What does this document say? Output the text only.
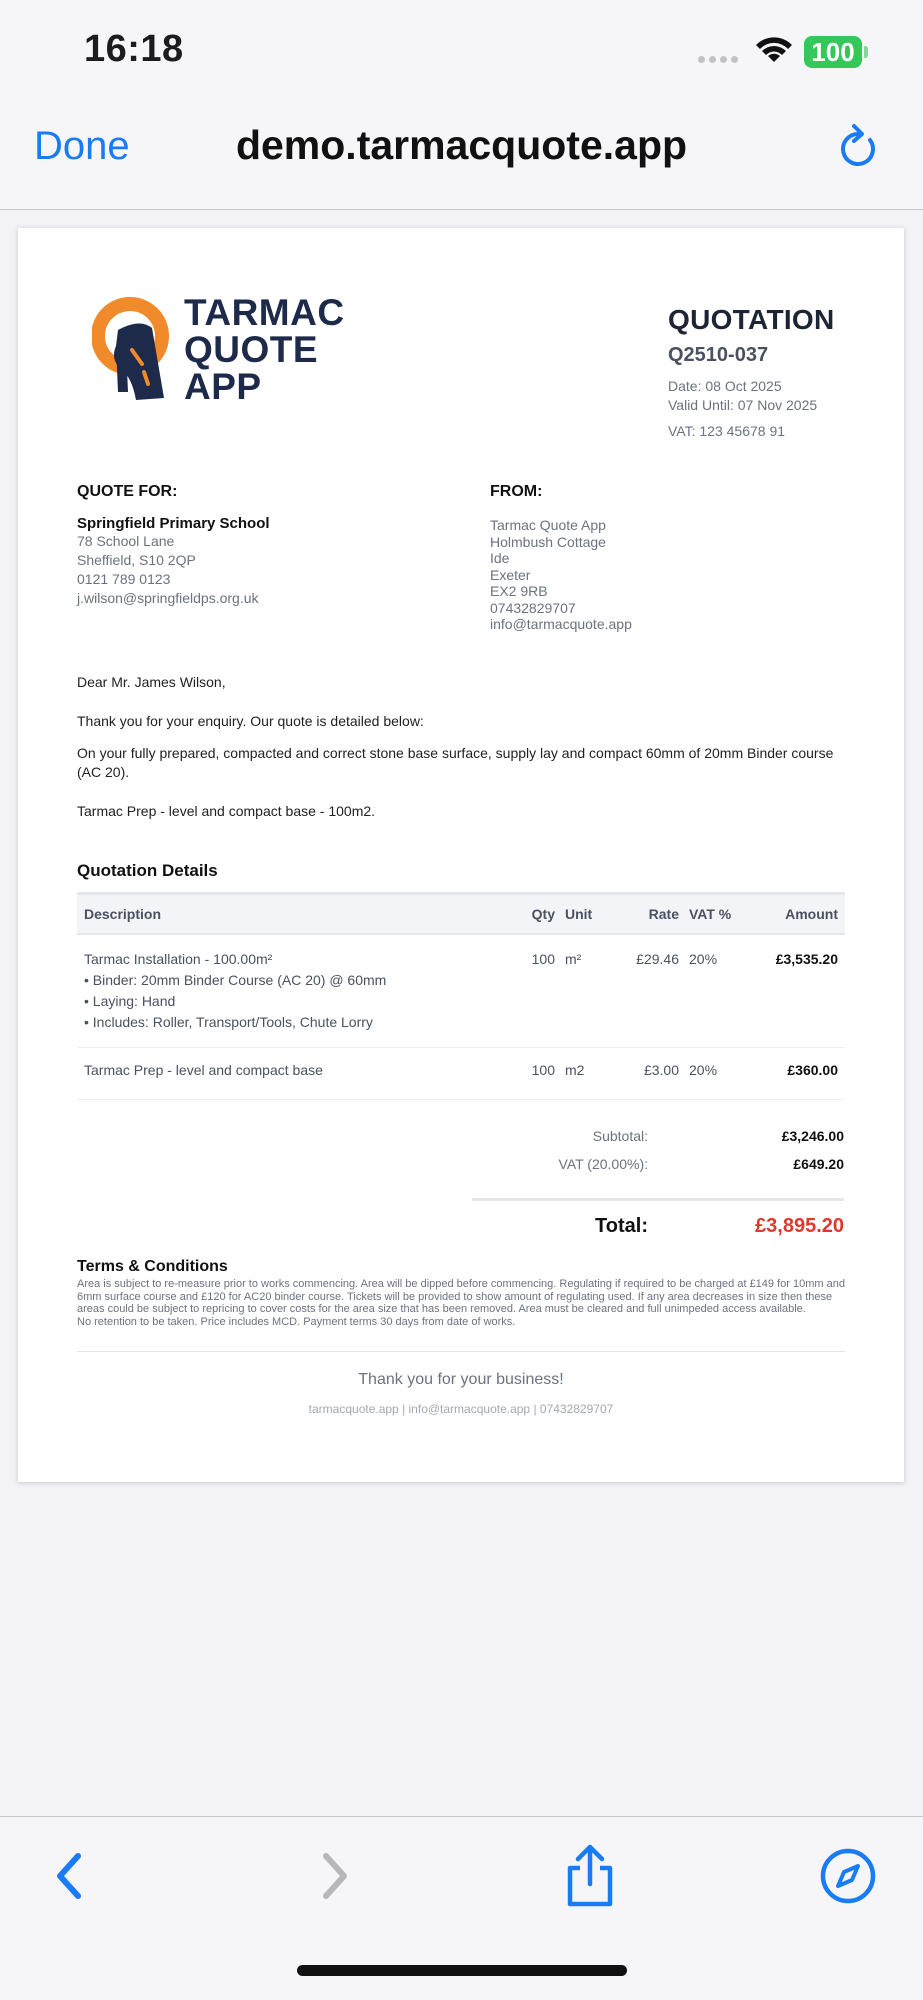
16:18	100
Done	demo.tarmacquote.app
TARMAC
QUOTE
APP
QUOTATION
Q2510-037
Date: 08 Oct 2025
Valid Until: 07 Nov 2025
VAT: 123 45678 91
QUOTE FOR:
Springfield Primary School
78 School Lane
Sheffield, S10 2QP
0121 789 0123
j.wilson@springfieldps.org.uk
FROM:
Tarmac Quote App
Holmbush Cottage
Ide
Exeter
EX2 9RB
07432829707
info@tarmacquote.app

Dear Mr. James Wilson,

Thank you for your enquiry. Our quote is detailed below:

On your fully prepared, compacted and correct stone base surface, supply lay and compact 60mm of 20mm Binder course (AC 20).

Tarmac Prep - level and compact base - 100m2.

Quotation Details
Description	Qty	Unit	Rate	VAT %	Amount

Tarmac Installation - 100.00m²
• Binder: 20mm Binder Course (AC 20) @ 60mm
• Laying: Hand
• Includes: Roller, Transport/Tools, Chute Lorry	100	m²	£29.46	20%	£3,535.20
Tarmac Prep - level and compact base	100	m2	£3.00	20%	£360.00
Subtotal:	£3,246.00
VAT (20.00%):	£649.20
Total:	£3,895.20
Terms & Conditions
Area is subject to re-measure prior to works commencing. Area will be dipped before commencing. Regulating if required to be charged at £149 for 10mm and 6mm surface course and £120 for AC20 binder course. Tickets will be provided to show amount of regulating used. If any area decreases in size then these areas could be subject to repricing to cover costs for the area size that has been removed. Area must be cleared and full unimpeded access available.
No retention to be taken. Price includes MCD. Payment terms 30 days from date of works.
Thank you for your business!
tarmacquote.app | info@tarmacquote.app | 07432829707
